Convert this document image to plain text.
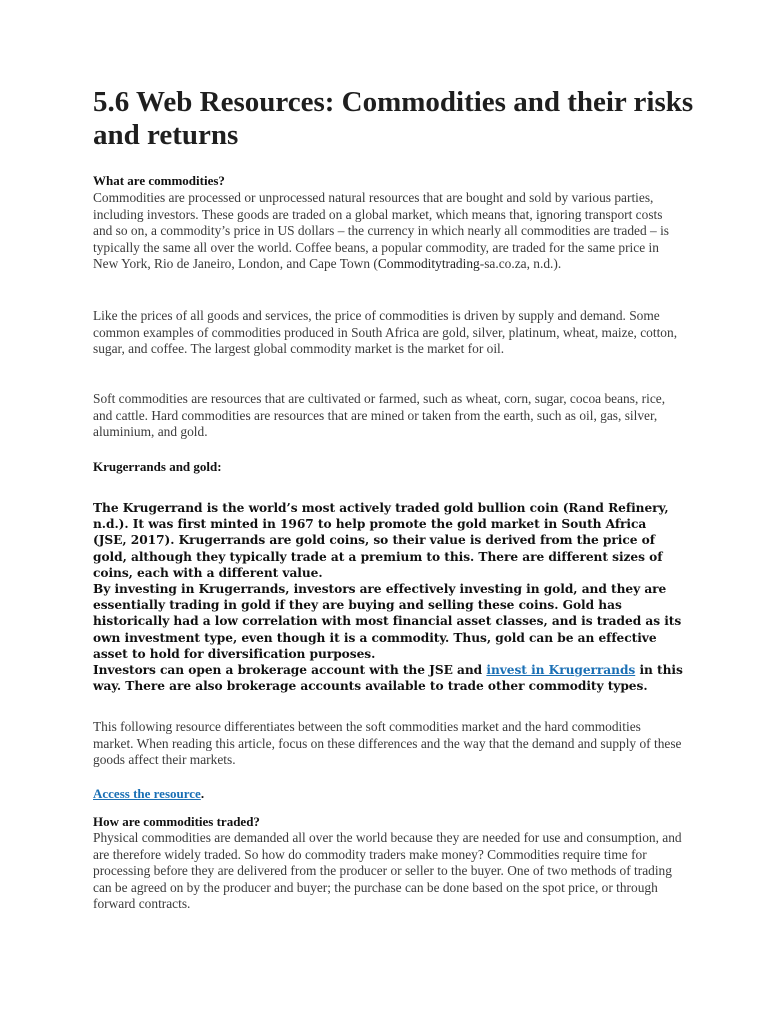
5.6 Web Resources: Commodities and their risks and returns

What are commodities?

Commodities are processed or unprocessed natural resources that are bought and sold by various parties, including investors. These goods are traded on a global market, which means that, ignoring transport costs and so on, a commodity’s price in US dollars – the currency in which nearly all commodities are traded – is typically the same all over the world. Coffee beans, a popular commodity, are traded for the same price in New York, Rio de Janeiro, London, and Cape Town (Commoditytrading-sa.co.za, n.d.).

Like the prices of all goods and services, the price of commodities is driven by supply and demand. Some common examples of commodities produced in South Africa are gold, silver, platinum, wheat, maize, cotton, sugar, and coffee. The largest global commodity market is the market for oil.

Soft commodities are resources that are cultivated or farmed, such as wheat, corn, sugar, cocoa beans, rice, and cattle. Hard commodities are resources that are mined or taken from the earth, such as oil, gas, silver, aluminium, and gold.

Krugerrands and gold:

The Krugerrand is the world’s most actively traded gold bullion coin (Rand Refinery, n.d.). It was first minted in 1967 to help promote the gold market in South Africa (JSE, 2017). Krugerrands are gold coins, so their value is derived from the price of gold, although they typically trade at a premium to this. There are different sizes of coins, each with a different value.

By investing in Krugerrands, investors are effectively investing in gold, and they are essentially trading in gold if they are buying and selling these coins. Gold has historically had a low correlation with most financial asset classes, and is traded as its own investment type, even though it is a commodity. Thus, gold can be an effective asset to hold for diversification purposes.

Investors can open a brokerage account with the JSE and invest in Krugerrands in this way. There are also brokerage accounts available to trade other commodity types.

This following resource differentiates between the soft commodities market and the hard commodities market. When reading this article, focus on these differences and the way that the demand and supply of these goods affect their markets.

Access the resource.

How are commodities traded?

Physical commodities are demanded all over the world because they are needed for use and consumption, and are therefore widely traded. So how do commodity traders make money? Commodities require time for processing before they are delivered from the producer or seller to the buyer. One of two methods of trading can be agreed on by the producer and buyer; the purchase can be done based on the spot price, or through forward contracts.
